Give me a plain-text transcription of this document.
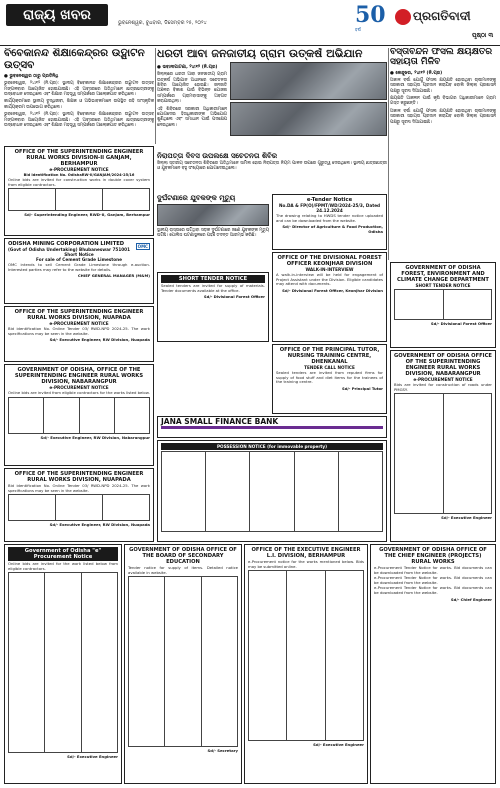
ରାଜ୍ୟ ଖବର	ଭୁବନେଶ୍ୱର, ବୁଧବାର, ଡିସେମ୍ବର ୨୫, ୨୦୨୪	50
ବର୍ଷ
ପ୍ରଗତିବାଦୀ
ପୃଷ୍ଠା ୩
ବିବେକାନନ୍ଦ ଶିକ୍ଷାକେନ୍ଦ୍ରର ଉଦ୍ଘାଟନ ଉତ୍ସବ
● ଭୁବନେଶ୍ୱର ଠାରୁ ପ୍ରତିନିଧି

ଭୁବନେଶ୍ୱର, ୨୪ା୧୨ (ନି.ପ୍ର): ସ୍ଥାନୀୟ ବିବେକାନନ୍ଦ ଶିକ୍ଷାକେନ୍ଦ୍ରର ଉଦ୍ଘାଟନ ଉତ୍ସବ ମଙ୍ଗଳବାର ଆୟୋଜିତ ହୋଇଯାଇଛି। ଏହି ଅବସରରେ ଅତିଥିମାନେ ଛାତ୍ରଛାତ୍ରୀଙ୍କୁ ଉଦ୍ବୋଧନ ଦେଇଥିଲେ ଏବଂ ଶିକ୍ଷାର ମହତ୍ତ୍ୱ ସମ୍ପର୍କରେ ଆଲୋକପାତ କରିଥିଲେ।

କାର୍ଯ୍ୟକ୍ରମରେ ସ୍ଥାନୀୟ ବୁଦ୍ଧିଜୀବୀ, ଶିକ୍ଷକ ଓ ଅଭିଭାବକମାନେ ଉପସ୍ଥିତ ରହି ସାଂସ୍କୃତିକ କାର୍ଯ୍ୟକ୍ରମ ଉପଭୋଗ କରିଥିଲେ।

ଭୁବନେଶ୍ୱର, ୨୪ା୧୨ (ନି.ପ୍ର): ସ୍ଥାନୀୟ ବିବେକାନନ୍ଦ ଶିକ୍ଷାକେନ୍ଦ୍ରର ଉଦ୍ଘାଟନ ଉତ୍ସବ ମଙ୍ଗଳବାର ଆୟୋଜିତ ହୋଇଯାଇଛି। ଏହି ଅବସରରେ ଅତିଥିମାନେ ଛାତ୍ରଛାତ୍ରୀଙ୍କୁ ଉଦ୍ବୋଧନ ଦେଇଥିଲେ ଏବଂ ଶିକ୍ଷାର ମହତ୍ତ୍ୱ ସମ୍ପର୍କରେ ଆଲୋକପାତ କରିଥିଲେ।

OFFICE OF THE SUPERINTENDING ENGINEER RURAL WORKS DIVISION-II GANJAM, BERHAMPUR
e-PROCUREMENT NOTICE
Bid Identification No. OdishaRW-II/GANJAM/2024-25/16
Online bids are invited for construction works in double cover system from eligible contractors.

Sd/- Superintending Engineer, RWD-II, Ganjam, Berhampur
ODISHA MINING CORPORATION LIMITED
(Govt of Odisha Undertaking) Bhubaneswar 751001
OMC
Short Notice
For sale of Cement Grade Limestone
OMC intends to sell Cement Grade Limestone through e-auction. Interested parties may refer to the website for details.
CHIEF GENERAL MANAGER (M&M)
OFFICE OF THE SUPERINTENDING ENGINEER RURAL WORKS DIVISION, NUAPADA
e-PROCUREMENT NOTICE
Bid identification No. Online Tender 03/ RWD-NPD 2024-25. The work specifications may be seen in the website.
Sd/- Executive Engineer, RW Division, Nuapada
GOVERNMENT OF ODISHA, OFFICE OF THE SUPERINTENDING ENGINEER RURAL WORKS DIVISION, NABARANGPUR
e-PROCUREMENT NOTICE
Online bids are invited from eligible contractors for the works listed below.

Sd/- Executive Engineer, RW Division, Nabarangpur
ଧରତୀ ଆବା ଜନଜାତୀୟ ଗ୍ରାମ ଉତ୍କର୍ଷ ଅଭିଯାନ
● ଭବାନୀପାଟଣା, ୨୪ା୧୨ (ନି.ପ୍ର)

ଜିଲ୍ଲାରେ ଧରତୀ ଆବା ଜନଜାତୀୟ ଗ୍ରାମ ଉତ୍କର୍ଷ ଅଭିଯାନ ଅଧୀନରେ ସଚେତନତା ଶିବିର ଆୟୋଜିତ ହୋଇଛି। ଜନଜାତି ଅଞ୍ଚଳର ବିକାଶ ପାଇଁ ବିଭିନ୍ନ ଯୋଜନା ସମ୍ପର୍କରେ ଗ୍ରାମବାସୀଙ୍କୁ ଅବଗତ କରାଯାଇଥିଲା।

ଏହି ଶିବିରରେ ସରକାରୀ ଅଧିକାରୀମାନେ ଯୋଗଦେଇ ହିତାଧିକାରୀଙ୍କ ଅଭିଯୋଗ ଶୁଣିଥିଲେ ଏବଂ ସମାଧାନ ପାଇଁ ପଦକ୍ଷେପ ନେଇଥିଲେ।

ନିରାପତ୍ତା ଦିବସ ଉପଲକ୍ଷେ ସଚେତନତା ଶିବିର
ଜିଲ୍ଲା ସ୍ତରୀୟ ସଚେତନତା ଶିବିରରେ ଅତିଥିମାନେ ସାମିଲ ହୋଇ ନିରାପତ୍ତା ନିୟମ ପାଳନ ଉପରେ ଗୁରୁତ୍ୱ ଦେଇଥିଲେ। ସ୍ଥାନୀୟ ଛାତ୍ରଛାତ୍ରୀ ଓ ଯୁବକମାନେ ବହୁ ସଂଖ୍ୟାରେ ଯୋଗଦେଇଥିଲେ।
ଦୁର୍ଘଟଣାରେ ଯୁବକଙ୍କ ମୃତ୍ୟୁ
ସ୍ଥାନୀୟ ରାସ୍ତାରେ ଘଟିଥିବା ସଡ଼କ ଦୁର୍ଘଟଣାରେ ଜଣେ ଯୁବକଙ୍କ ମୃତ୍ୟୁ ଘଟିଛି। ପୋଲିସ ଘଟଣାସ୍ଥଳରେ ପହଞ୍ଚି ତଦନ୍ତ ଆରମ୍ଭ କରିଛି।
e-Tender Notice
No.DA & FP(O)/FPMT/WD/2024-25/3, Dated 24.12.2024
The drawing relating to HWDS tender notice uploaded and can be downloaded from the website.
Sd/- Director of Agriculture & Food Production, Odisha
OFFICE OF THE DIVISIONAL FOREST OFFICER KEONJHAR DIVISION
WALK-IN-INTERVIEW
A walk-in-interview will be held for engagement of Project Assistant under the Division. Eligible candidates may attend with documents.
Sd/- Divisional Forest Officer, Keonjhar Division
SHORT TENDER NOTICE
Sealed tenders are invited for supply of materials. Tender documents available at the office.
Sd/- Divisional Forest Officer
OFFICE OF THE PRINCIPAL TUTOR, NURSING TRAINING CENTRE, DHENKANAL
TENDER CALL NOTICE
Sealed tenders are invited from reputed firms for supply of food stuff and diet items for the trainees of the training centre.
Sd/- Principal Tutor
JANA SMALL FINANCE BANK
POSSESSION NOTICE (for immovable property)

ବସ୍ତାବନ୍ଦିନି ଫସଲ କ୍ଷୟକ୍ଷତିର ସହାୟତା ମିଳିବ
● କେନ୍ଦୁଝର, ୨୪ା୧୨ (ନି.ପ୍ର)

ଅକାଳ ବର୍ଷା ଯୋଗୁଁ ଫସଲ କ୍ଷୟକ୍ଷତି ହୋଇଥିବା ଚାଷୀମାନଙ୍କୁ ସରକାରୀ ସହାୟତା ପ୍ରଦାନ କରାଯିବ ବୋଲି ଜିଲ୍ଲା ପ୍ରଶାସନ ପକ୍ଷରୁ ସୂଚନା ଦିଆଯାଇଛି।

କ୍ଷୟକ୍ଷତି ଆକଳନ ପାଇଁ କୃଷି ବିଭାଗର ଅଧିକାରୀମାନେ ଗ୍ରାମ ଗସ୍ତ କରୁଛନ୍ତି।

ଅକାଳ ବର୍ଷା ଯୋଗୁଁ ଫସଲ କ୍ଷୟକ୍ଷତି ହୋଇଥିବା ଚାଷୀମାନଙ୍କୁ ସରକାରୀ ସହାୟତା ପ୍ରଦାନ କରାଯିବ ବୋଲି ଜିଲ୍ଲା ପ୍ରଶାସନ ପକ୍ଷରୁ ସୂଚନା ଦିଆଯାଇଛି।

GOVERNMENT OF ODISHA FOREST, ENVIRONMENT AND CLIMATE CHANGE DEPARTMENT
SHORT TENDER NOTICE

Sd/- Divisional Forest Officer
GOVERNMENT OF ODISHA OFFICE OF THE SUPERINTENDING ENGINEER RURAL WORKS DIVISION, NABARANGPUR
e-PROCUREMENT NOTICE
Bids are invited for construction of roads under PMGSY.

Sd/- Executive Engineer
OFFICE OF THE SUPERINTENDING ENGINEER RURAL WORKS DIVISION, NUAPADA
Bid identification No. Online Tender 03/ RWD-NPD 2024-25. The work specifications may be seen in the website.

Sd/- Executive Engineer, RW Division, Nuapada
Government of Odisha "e" Procurement Notice
Online bids are invited for the work listed below from eligible contractors.

Sd/- Executive Engineer
GOVERNMENT OF ODISHA OFFICE OF THE BOARD OF SECONDARY EDUCATION
Tender notice for supply of items. Detailed notice available in website.

Sd/- Secretary
OFFICE OF THE EXECUTIVE ENGINEER L.I. DIVISION, BERHAMPUR
e-Procurement notice for the works mentioned below. Bids may be submitted online.

Sd/- Executive Engineer
GOVERNMENT OF ODISHA OFFICE OF THE CHIEF ENGINEER (PROJECTS) RURAL WORKS
e-Procurement Tender Notice for works. Bid documents can be downloaded from the website.
e-Procurement Tender Notice for works. Bid documents can be downloaded from the website.
e-Procurement Tender Notice for works. Bid documents can be downloaded from the website.
Sd/- Chief Engineer
